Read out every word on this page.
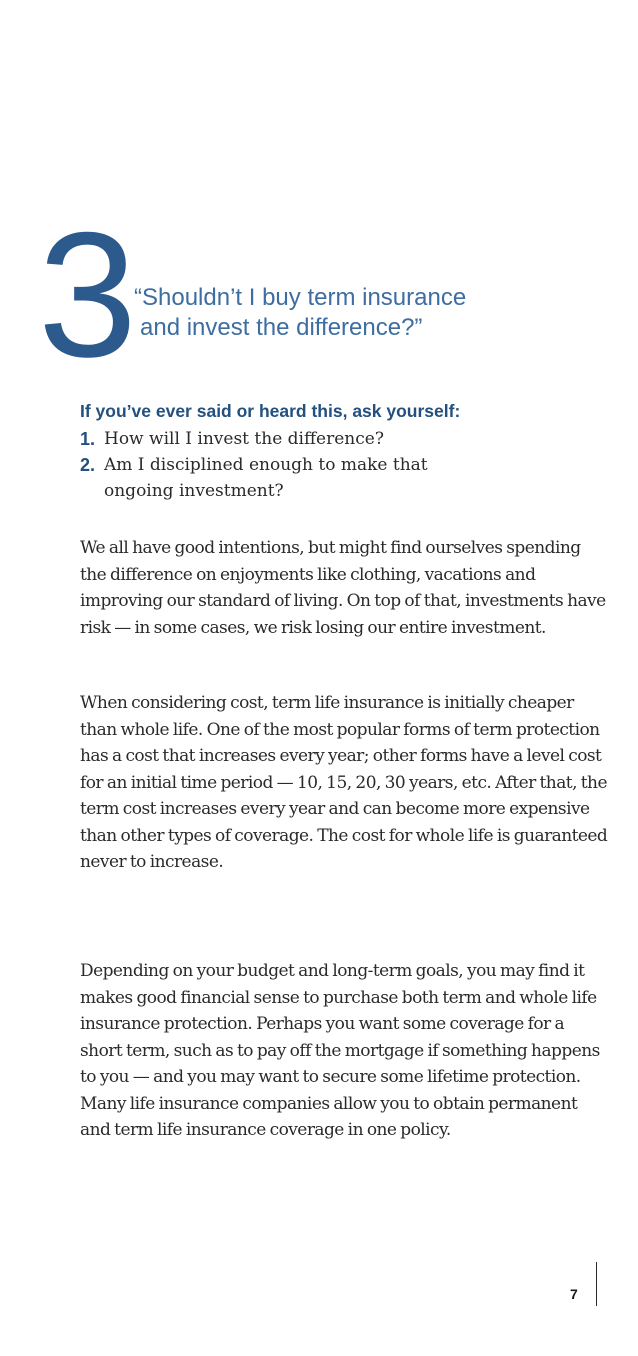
3 “Shouldn’t I buy term insurance
and invest the difference?”
If you’ve ever said or heard this, ask yourself:
1. How will I invest the difference?
2. Am I disciplined enough to make that ongoing investment?

We all have good intentions, but might find ourselves spending the difference on enjoyments like clothing, vacations and improving our standard of living. On top of that, investments have risk — in some cases, we risk losing our entire investment.

When considering cost, term life insurance is initially cheaper than whole life. One of the most popular forms of term protection has a cost that increases every year; other forms have a level cost for an initial time period — 10, 15, 20, 30 years, etc. After that, the term cost increases every year and can become more expensive than other types of coverage. The cost for whole life is guaranteed never to increase.

Depending on your budget and long-term goals, you may find it makes good financial sense to purchase both term and whole life insurance protection. Perhaps you want some coverage for a short term, such as to pay off the mortgage if something happens to you — and you may want to secure some lifetime protection. Many life insurance companies allow you to obtain permanent and term life insurance coverage in one policy.

7
